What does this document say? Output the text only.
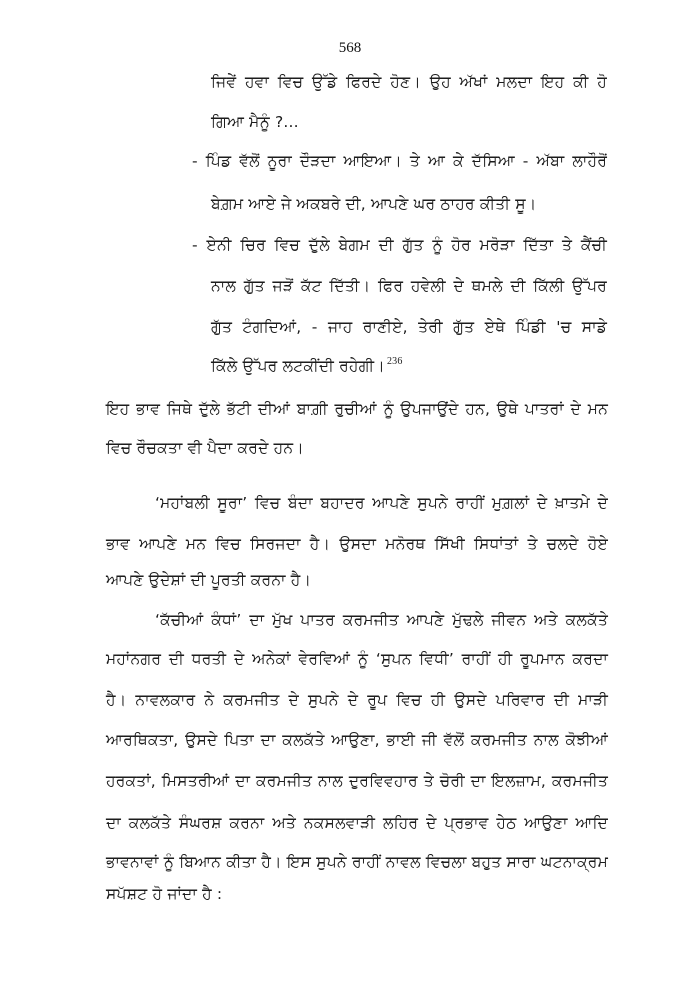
568
ਜਿਵੇਂ ਹਵਾ ਵਿਚ ਉੱਡੇ ਫਿਰਦੇ ਹੋਣ। ਉਹ ਅੱਖਾਂ ਮਲਦਾ ਇਹ ਕੀ ਹੋ
ਗਿਆ ਮੈਨੂੰ ?...
- ਪਿੰਡ ਵੱਲੋਂ ਨੂਰਾ ਦੌੜਦਾ ਆਇਆ। ਤੇ ਆ ਕੇ ਦੱਸਿਆ - ਅੱਬਾ ਲਾਹੌਰੋਂ
ਬੇਗ਼ਮ ਆਏ ਜੇ ਅਕਬਰੇ ਦੀ, ਆਪਣੇ ਘਰ ਠਾਹਰ ਕੀਤੀ ਸੂ।
- ਏਨੀ ਚਿਰ ਵਿਚ ਦੁੱਲੇ ਬੇਗਮ ਦੀ ਗੁੱਤ ਨੂੰ ਹੋਰ ਮਰੋੜਾ ਦਿੱਤਾ ਤੇ ਕੈਂਚੀ
ਨਾਲ ਗੁੱਤ ਜੜੋਂ ਕੱਟ ਦਿੱਤੀ। ਫਿਰ ਹਵੇਲੀ ਦੇ ਥਮਲੇ ਦੀ ਕਿੱਲੀ ਉੱਪਰ
ਗੁੱਤ ਟੰਗਦਿਆਂ, - ਜਾਹ ਰਾਣੀਏ, ਤੇਰੀ ਗੁੱਤ ਏਥੇ ਪਿੰਡੀ 'ਚ ਸਾਡੇ
ਕਿੱਲੇ ਉੱਪਰ ਲਟਕੀਂਦੀ ਰਹੇਗੀ। $^{236}$
ਇਹ ਭਾਵ ਜਿਥੇ ਦੁੱਲੇ ਭੱਟੀ ਦੀਆਂ ਬਾਗ਼ੀ ਰੁਚੀਆਂ ਨੂੰ ਉਪਜਾਉਂਦੇ ਹਨ, ਉਥੇ ਪਾਤਰਾਂ ਦੇ ਮਨ
ਵਿਚ ਰੌਚਕਤਾ ਵੀ ਪੈਦਾ ਕਰਦੇ ਹਨ।
‘ਮਹਾਂਬਲੀ ਸੂਰਾ’ ਵਿਚ ਬੰਦਾ ਬਹਾਦਰ ਆਪਣੇ ਸੁਪਨੇ ਰਾਹੀਂ ਮੁਗ਼ਲਾਂ ਦੇ ਖ਼ਾਤਮੇ ਦੇ
ਭਾਵ ਆਪਣੇ ਮਨ ਵਿਚ ਸਿਰਜਦਾ ਹੈ। ਉਸਦਾ ਮਨੋਰਥ ਸਿੱਖੀ ਸਿਧਾਂਤਾਂ ਤੇ ਚਲਦੇ ਹੋਏ
ਆਪਣੇ ਉਦੇਸ਼ਾਂ ਦੀ ਪੂਰਤੀ ਕਰਨਾ ਹੈ।
‘ਕੱਚੀਆਂ ਕੰਧਾਂ’ ਦਾ ਮੁੱਖ ਪਾਤਰ ਕਰਮਜੀਤ ਆਪਣੇ ਮੁੱਢਲੇ ਜੀਵਨ ਅਤੇ ਕਲਕੱਤੇ
ਮਹਾਂਨਗਰ ਦੀ ਧਰਤੀ ਦੇ ਅਨੇਕਾਂ ਵੇਰਵਿਆਂ ਨੂੰ ‘ਸੁਪਨ ਵਿਧੀ’ ਰਾਹੀਂ ਹੀ ਰੂਪਮਾਨ ਕਰਦਾ
ਹੈ। ਨਾਵਲਕਾਰ ਨੇ ਕਰਮਜੀਤ ਦੇ ਸੁਪਨੇ ਦੇ ਰੂਪ ਵਿਚ ਹੀ ਉਸਦੇ ਪਰਿਵਾਰ ਦੀ ਮਾੜੀ
ਆਰਥਿਕਤਾ, ਉਸਦੇ ਪਿਤਾ ਦਾ ਕਲਕੱਤੇ ਆਉਣਾ, ਭਾਈ ਜੀ ਵੱਲੋਂ ਕਰਮਜੀਤ ਨਾਲ ਕੋਝੀਆਂ
ਹਰਕਤਾਂ, ਮਿਸਤਰੀਆਂ ਦਾ ਕਰਮਜੀਤ ਨਾਲ ਦੁਰਵਿਵਹਾਰ ਤੇ ਚੋਰੀ ਦਾ ਇਲਜ਼ਾਮ, ਕਰਮਜੀਤ
ਦਾ ਕਲਕੱਤੇ ਸੰਘਰਸ਼ ਕਰਨਾ ਅਤੇ ਨਕਸਲਵਾੜੀ ਲਹਿਰ ਦੇ ਪ੍ਰਭਾਵ ਹੇਠ ਆਉਣਾ ਆਦਿ
ਭਾਵਨਾਵਾਂ ਨੂੰ ਬਿਆਨ ਕੀਤਾ ਹੈ। ਇਸ ਸੁਪਨੇ ਰਾਹੀਂ ਨਾਵਲ ਵਿਚਲਾ ਬਹੁਤ ਸਾਰਾ ਘਟਨਾਕ੍ਰਮ
ਸਪੱਸ਼ਟ ਹੋ ਜਾਂਦਾ ਹੈ :
